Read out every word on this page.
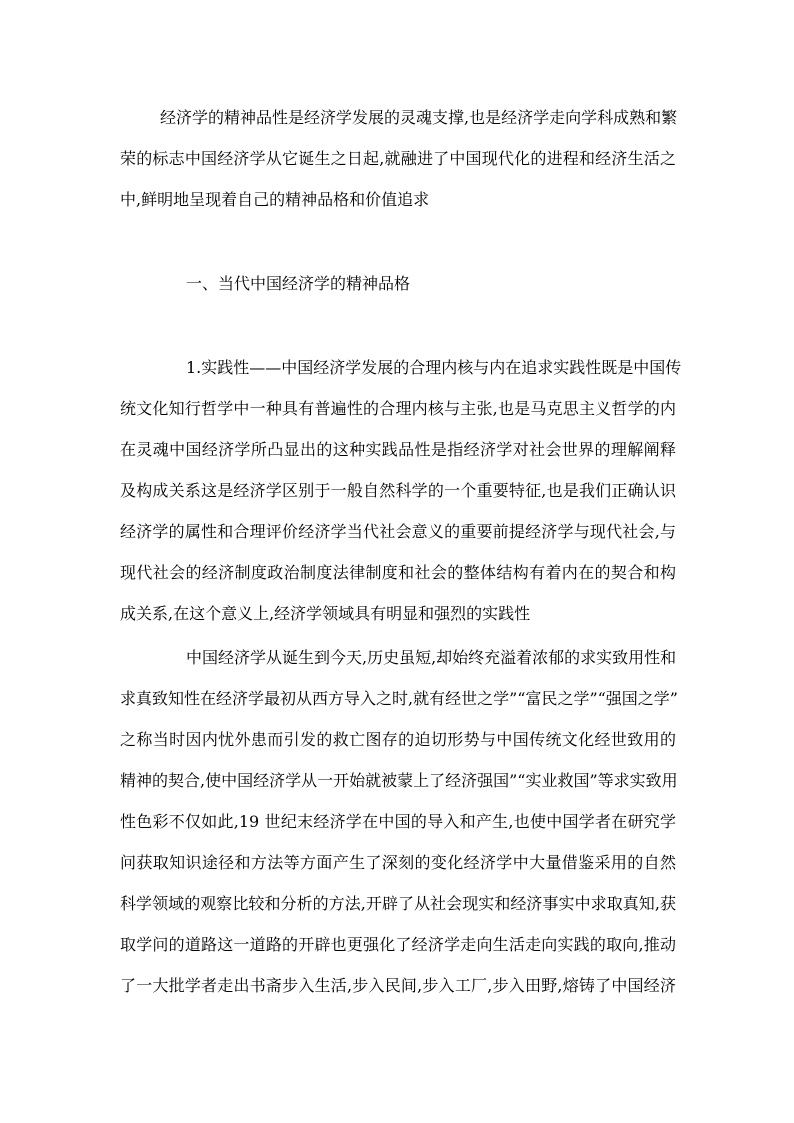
经济学的精神品性是经济学发展的灵魂支撑,也是经济学走向学科成熟和繁

荣的标志中国经济学从它诞生之日起,就融进了中国现代化的进程和经济生活之

中,鲜明地呈现着自己的精神品格和价值追求

一、当代中国经济学的精神品格

1.实践性——中国经济学发展的合理内核与内在追求实践性既是中国传

统文化知行哲学中一种具有普遍性的合理内核与主张,也是马克思主义哲学的内

在灵魂中国经济学所凸显出的这种实践品性是指经济学对社会世界的理解阐释

及构成关系这是经济学区别于一般自然科学的一个重要特征,也是我们正确认识

经济学的属性和合理评价经济学当代社会意义的重要前提经济学与现代社会,与

现代社会的经济制度政治制度法律制度和社会的整体结构有着内在的契合和构

成关系,在这个意义上,经济学领域具有明显和强烈的实践性

中国经济学从诞生到今天,历史虽短,却始终充溢着浓郁的求实致用性和

求真致知性在经济学最初从西方导入之时,就有经世之学”“富民之学”“强国之学”

之称当时因内忧外患而引发的救亡图存的迫切形势与中国传统文化经世致用的

精神的契合,使中国经济学从一开始就被蒙上了经济强国”“实业救国”等求实致用

性色彩不仅如此,19 世纪末经济学在中国的导入和产生,也使中国学者在研究学

问获取知识途径和方法等方面产生了深刻的变化经济学中大量借鉴采用的自然

科学领域的观察比较和分析的方法,开辟了从社会现实和经济事实中求取真知,获

取学问的道路这一道路的开辟也更强化了经济学走向生活走向实践的取向,推动

了一大批学者走出书斋步入生活,步入民间,步入工厂,步入田野,熔铸了中国经济
